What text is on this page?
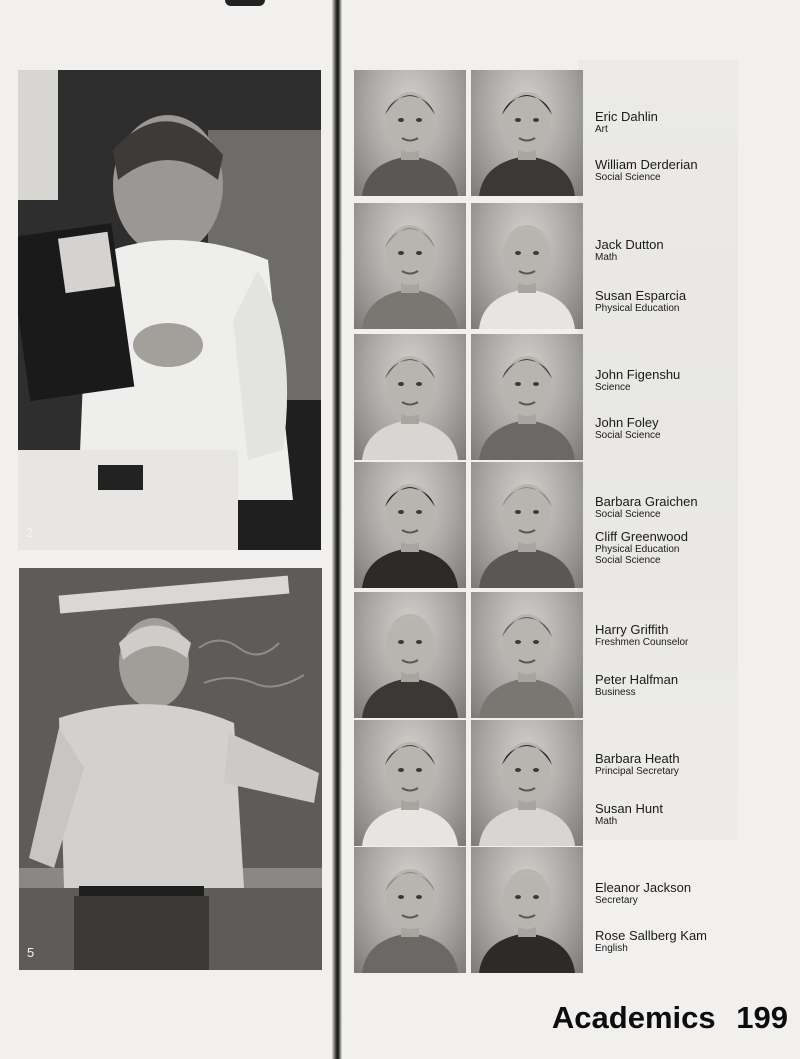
2
5
Eric Dahlin
Art
William Derderian
Social Science
Jack Dutton
Math
Susan Esparcia
Physical Education
John Figenshu
Science
John Foley
Social Science
Barbara Graichen
Social Science
Cliff Greenwood
Physical Education
Social Science
Harry Griffith
Freshmen Counselor
Peter Halfman
Business
Barbara Heath
Principal Secretary
Susan Hunt
Math
Eleanor Jackson
Secretary
Rose Sallberg Kam
English
Academics 199
